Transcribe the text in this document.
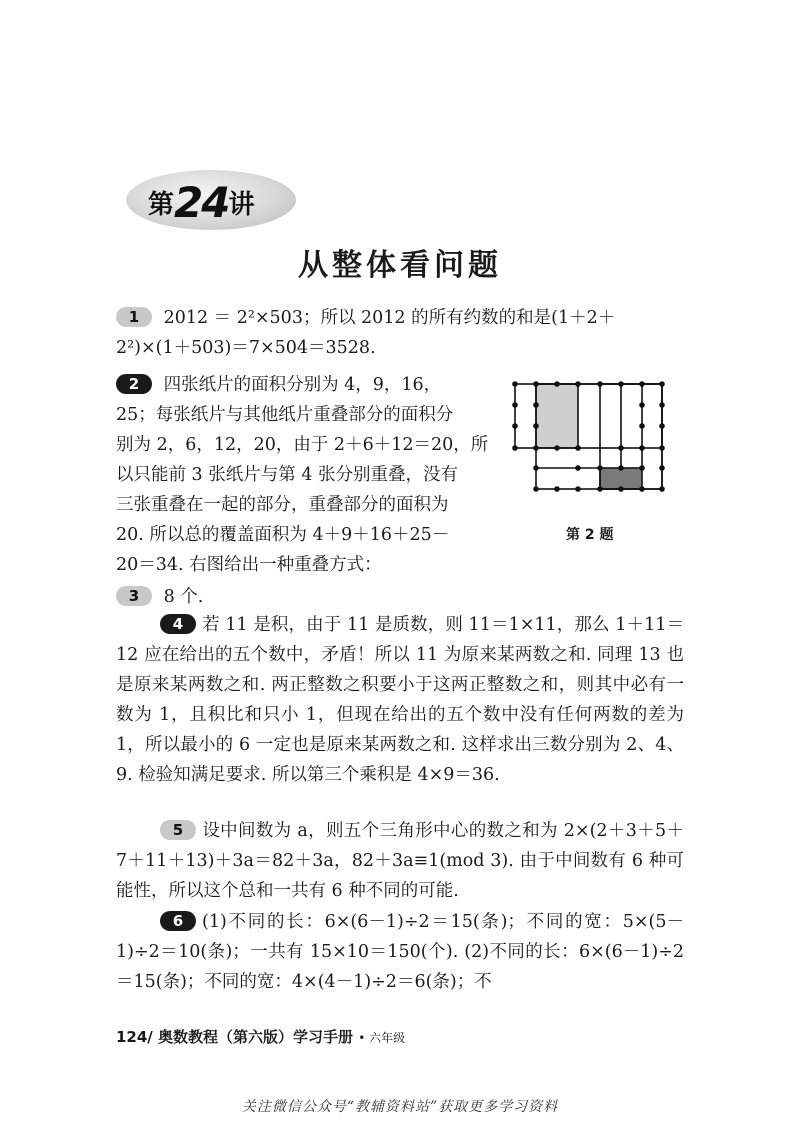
第24讲
从整体看问题
1 2012 ＝ 2²×503；所以 2012 的所有约数的和是(1＋2＋
2²)×(1＋503)＝7×504＝3528.
2 四张纸片的面积分别为 4，9，16，
25；每张纸片与其他纸片重叠部分的面积分
别为 2，6，12，20，由于 2＋6＋12＝20，所
以只能前 3 张纸片与第 4 张分别重叠，没有
三张重叠在一起的部分，重叠部分的面积为
20. 所以总的覆盖面积为 4＋9＋16＋25－
20＝34. 右图给出一种重叠方式：
第 2 题
3 8 个.
4 若 11 是积，由于 11 是质数，则 11＝1×11，那么 1＋11＝12 应在给出的五个数中，矛盾！所以 11 为原来某两数之和. 同理 13 也是原来某两数之和. 两正整数之积要小于这两正整数之和，则其中必有一数为 1，且积比和只小 1，但现在给出的五个数中没有任何两数的差为 1，所以最小的 6 一定也是原来某两数之和. 这样求出三数分别为 2、4、9. 检验知满足要求. 所以第三个乘积是 4×9＝36.
5 设中间数为 a，则五个三角形中心的数之和为 2×(2＋3＋5＋7＋11＋13)＋3a＝82＋3a，82＋3a≡1(mod 3). 由于中间数有 6 种可能性，所以这个总和一共有 6 种不同的可能.
6 (1)不同的长：6×(6－1)÷2＝15(条)；不同的宽：5×(5－1)÷2＝10(条)；一共有 15×10＝150(个). (2)不同的长：6×(6－1)÷2＝15(条)；不同的宽：4×(4－1)÷2＝6(条)；不
124/ 奥数教程（第六版）学习手册 • 六年级
关注微信公众号“教辅资料站”获取更多学习资料
